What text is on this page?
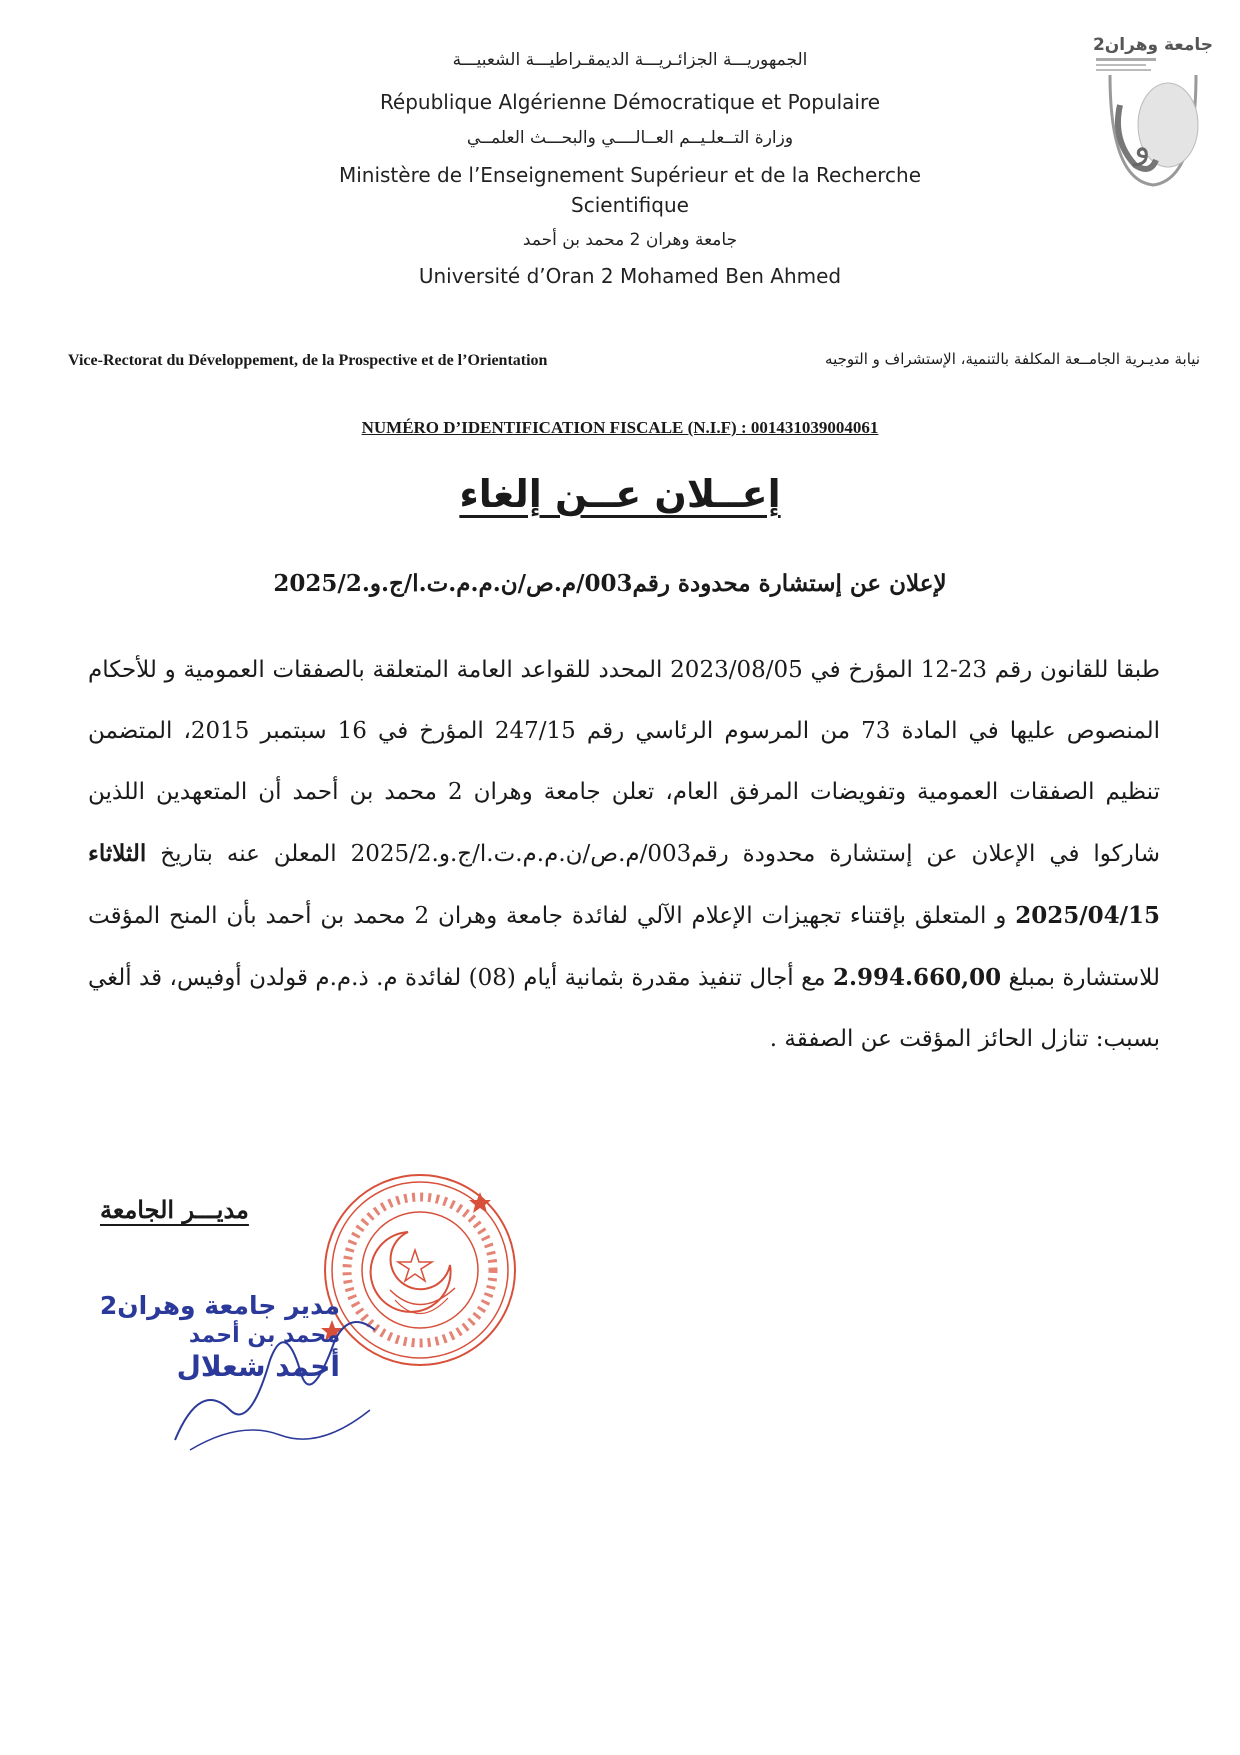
الجمهوريـــة الجزائـريـــة الديمقـراطيـــة الشعبيـــة
République Algérienne Démocratique et Populaire
وزارة التــعلـيــم العــالــــي والبحـــث العلمــي
Ministère de l’Enseignement Supérieur et de la Recherche
Scientifique
جامعة وهران 2 محمد بن أحمد
Université d’Oran 2 Mohamed Ben Ahmed
جامعة وهران2
و
Vice-Rectorat du Développement, de la Prospective et de l’Orientation	نيابة مديـرية الجامــعة المكلفة بالتنمية، الإستشراف و التوجيه
NUMÉRO D’IDENTIFICATION FISCALE (N.I.F) : 001431039004061
إعــلان عــن إلغاء
لإعلان عن إستشارة محدودة رقم003/م.ص/ن.م.م.ت.ا/ج.و.2025/2
طبقا للقانون رقم 23-12 المؤرخ في 2023/08/05 المحدد للقواعد العامة المتعلقة بالصفقات العمومية و للأحكام المنصوص عليها في المادة 73 من المرسوم الرئاسي رقم 247/15 المؤرخ في 16 سبتمبر 2015، المتضمن تنظيم الصفقات العمومية وتفويضات المرفق العام، تعلن جامعة وهران 2 محمد بن أحمد أن المتعهدين اللذين شاركوا في الإعلان عن إستشارة محدودة رقم003/م.ص/ن.م.م.ت.ا/ج.و.2025/2 المعلن عنه بتاريخ الثلاثاء 2025/04/15 و المتعلق بإقتناء تجهيزات الإعلام الآلي لفائدة جامعة وهران 2 محمد بن أحمد بأن المنح المؤقت للاستشارة بمبلغ 2.994.660,00 مع أجال تنفيذ مقدرة بثمانية أيام (08) لفائدة م. ذ.م.م قولدن أوفيس، قد ألغي بسبب: تنازل الحائز المؤقت عن الصفقة .
مديـــر الجامعة
مدير جامعة وهران2
محمد بن أحمد
أحمد شعلال
